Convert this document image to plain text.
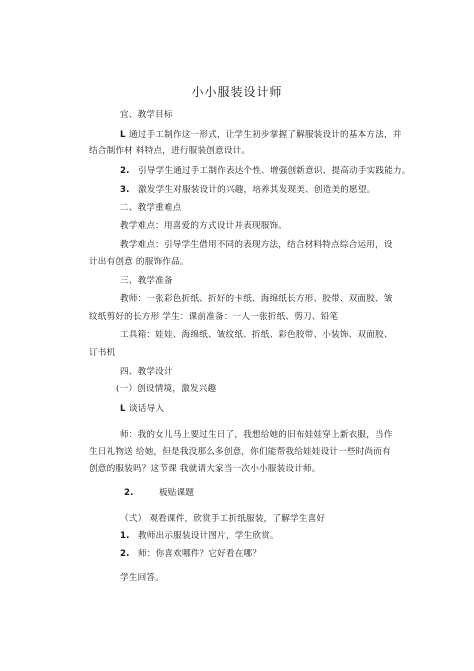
小小服装设计师
宜、教学目标
L 通过手工制作这一形式，让学生初步掌握了解服装设计的基本方法，并
结合制作材 料特点，进行服装创意设计。
2. 引导学生通过手工制作表达个性、增强创新意识、提高动手实践能力。
3. 激发学生对服装设计的兴趣，培养其发现美、创造美的愿望。
二、教学重难点
教学难点：用喜爱的方式设计并表现服饰。
教学难点：引导学生借用不同的表现方法，结合材料特点综合运用，设
计出有创意 的服饰作品。
三、教学准备
教师：一张彩色折纸、折好的卡纸、海绵纸长方形、胶带、双面胶、皱
纹纸剪好的长方形 学生：课前准备：一人一张折纸、剪刀、铅笔
工具箱：娃娃、海绵纸、皱纹纸、折纸、彩色胶带、小装饰、双面胶、
订书机
四、教学设计
(一）创设情境，激发兴趣
L 谈话导入
师：我的女儿马上要过生日了，我想给她的旧布娃娃穿上新衣服，当作
生日礼物送 给她，但是我没那么多创意，你们能帮我给娃娃设计一些时尚而有
创意的服装吗？这节课 我就请大家当一次小小服装设计师。
2.	板贴课题
（弍） 观看课件，欣赏手工折纸服装，了解学生喜好
1. 教师出示服装设计图片，学生欣赏。
2. 师：你喜欢哪件？它好看在哪？
学生回答。
